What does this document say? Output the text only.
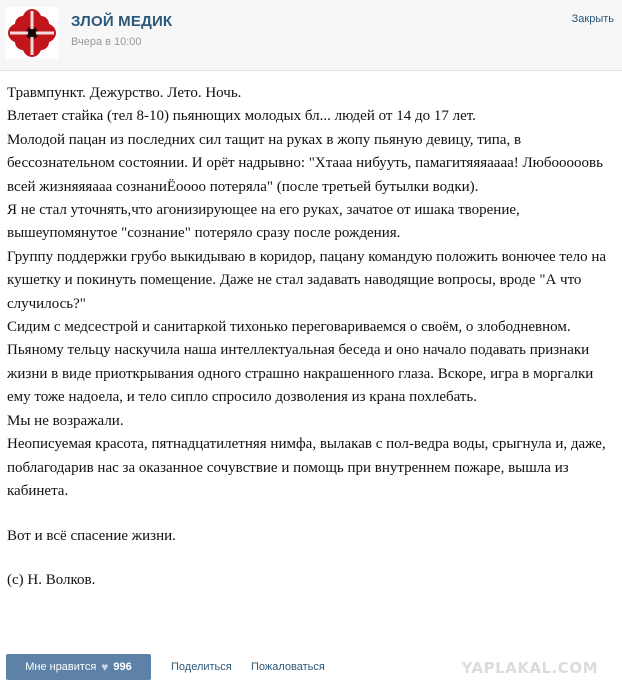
ЗЛОЙ МЕДИК
Вчера в 10:00
Закрыть

Травмпункт. Дежурство. Лето. Ночь.

Влетает стайка (тел 8-10) пьянющих молодых бл... людей от 14 до 17 лет.

Молодой пацан из последних сил тащит на руках в жопу пьяную девицу, типа, в бессознательном состоянии. И орёт надрывно: "Хтааа нибууть, памагитяяяаааа! Любооооовь всей жизняяяааа сознаниЁоооо потеряла" (после третьей бутылки водки).

Я не стал уточнять,что агонизирующее на его руках, зачатое от ишака творение, вышеупомянутое "сознание" потеряло сразу после рождения.

Группу поддержки грубо выкидываю в коридор, пацану командую положить вонючее тело на кушетку и покинуть помещение. Даже не стал задавать наводящие вопросы, вроде "А что случилось?"

Сидим с медсестрой и санитаркой тихонько переговариваемся о своём, о злободневном. Пьяному тельцу наскучила наша интеллектуальная беседа и оно начало подавать признаки жизни в виде приоткрывания одного страшно накрашенного глаза. Вскоре, игра в моргалки ему тоже надоела, и тело сипло спросило дозволения из крана похлебать.

Мы не возражали.

Неописуемая красота, пятнадцатилетняя нимфа, вылакав с пол-ведра воды, срыгнула и, даже, поблагодарив нас за оказанное сочувствие и помощь при внутреннем пожаре, вышла из кабинета.

Вот и всё спасение жизни.

(с) Н. Волков.

Мне нравится ♥ 996	Поделиться Пожаловаться	YAPLAKAL.COM
